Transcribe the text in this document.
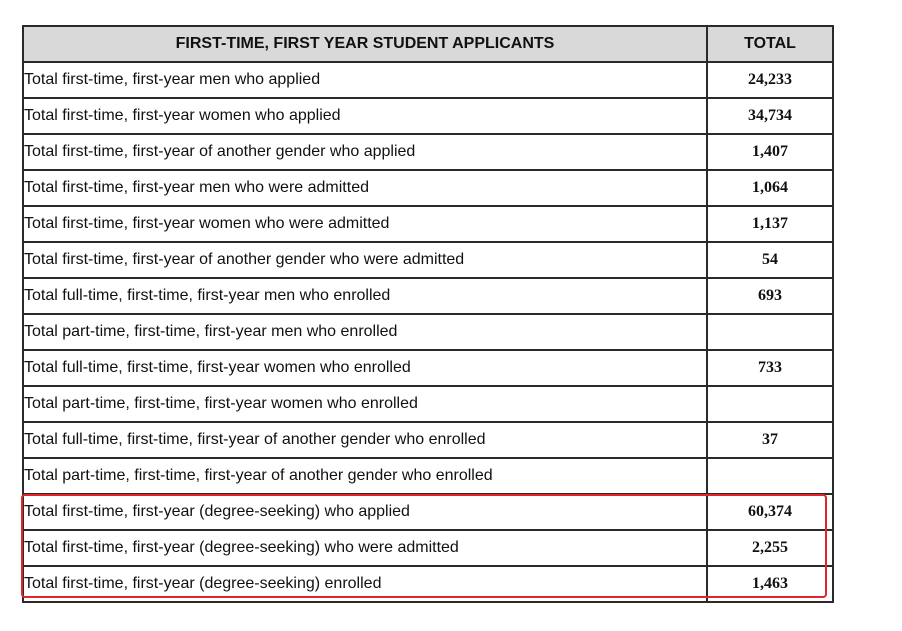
FIRST-TIME, FIRST YEAR STUDENT APPLICANTS	TOTAL
Total first-time, first-year men who applied	24,233
Total first-time, first-year women who applied	34,734
Total first-time, first-year of another gender who applied	1,407
Total first-time, first-year men who were admitted	1,064
Total first-time, first-year women who were admitted	1,137
Total first-time, first-year of another gender who were admitted	54
Total full-time, first-time, first-year men who enrolled	693
Total part-time, first-time, first-year men who enrolled	
Total full-time, first-time, first-year women who enrolled	733
Total part-time, first-time, first-year women who enrolled	
Total full-time, first-time, first-year of another gender who enrolled	37
Total part-time, first-time, first-year of another gender who enrolled	
Total first-time, first-year (degree-seeking) who applied	60,374
Total first-time, first-year (degree-seeking) who were admitted	2,255
Total first-time, first-year (degree-seeking) enrolled	1,463
